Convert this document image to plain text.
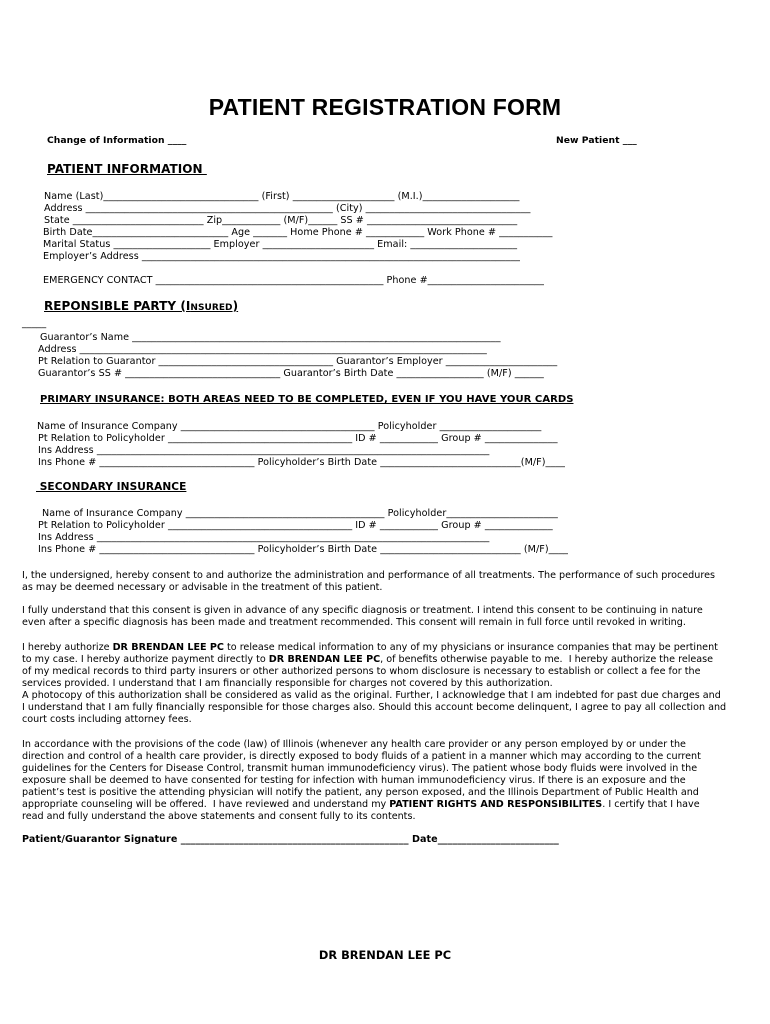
PATIENT REGISTRATION FORM
Change of Information ____	New Patient ___
PATIENT INFORMATION
Name (Last)________________________________ (First) _____________________ (M.I.)____________________
Address ___________________________________________________ (City) __________________________________
State ___________________________ Zip____________ (M/F)______ SS # _______________________________
Birth Date____________________________ Age _______ Home Phone # ____________ Work Phone # ___________
Marital Status ____________________ Employer _______________________ Email: ______________________
Employer’s Address ______________________________________________________________________________
EMERGENCY CONTACT _______________________________________________ Phone #________________________
REPONSIBLE PARTY (INSURED)
_____
Guarantor’s Name ____________________________________________________________________________
Address ____________________________________________________________________________________
Pt Relation to Guarantor ____________________________________ Guarantor’s Employer _______________________
Guarantor’s SS # ________________________________ Guarantor’s Birth Date __________________ (M/F) ______
PRIMARY INSURANCE: BOTH AREAS NEED TO BE COMPLETED, EVEN IF YOU HAVE YOUR CARDS
Name of Insurance Company ________________________________________ Policyholder _____________________
Pt Relation to Policyholder ______________________________________ ID # ____________ Group # _______________
Ins Address _________________________________________________________________________________
Ins Phone # ________________________________ Policyholder’s Birth Date _____________________________(M/F)____
SECONDARY INSURANCE
Name of Insurance Company _________________________________________ Policyholder_______________________
Pt Relation to Policyholder ______________________________________ ID # ____________ Group # ______________
Ins Address _________________________________________________________________________________
Ins Phone # ________________________________ Policyholder’s Birth Date _____________________________ (M/F)____
I, the undersigned, hereby consent to and authorize the administration and performance of all treatments. The performance of such procedures
as may be deemed necessary or advisable in the treatment of this patient.
I fully understand that this consent is given in advance of any specific diagnosis or treatment. I intend this consent to be continuing in nature
even after a specific diagnosis has been made and treatment recommended. This consent will remain in full force until revoked in writing.
I hereby authorize DR BRENDAN LEE PC to release medical information to any of my physicians or insurance companies that may be pertinent
to my case. I hereby authorize payment directly to DR BRENDAN LEE PC, of benefits otherwise payable to me.  I hereby authorize the release
of my medical records to third party insurers or other authorized persons to whom disclosure is necessary to establish or collect a fee for the
services provided. I understand that I am financially responsible for charges not covered by this authorization.
A photocopy of this authorization shall be considered as valid as the original. Further, I acknowledge that I am indebted for past due charges and
I understand that I am fully financially responsible for those charges also. Should this account become delinquent, I agree to pay all collection and
court costs including attorney fees.
In accordance with the provisions of the code (law) of Illinois (whenever any health care provider or any person employed by or under the
direction and control of a health care provider, is directly exposed to body fluids of a patient in a manner which may according to the current
guidelines for the Centers for Disease Control, transmit human immunodeficiency virus). The patient whose body fluids were involved in the
exposure shall be deemed to have consented for testing for infection with human immunodeficiency virus. If there is an exposure and the
patient’s test is positive the attending physician will notify the patient, any person exposed, and the Illinois Department of Public Health and
appropriate counseling will be offered.  I have reviewed and understand my PATIENT RIGHTS AND RESPONSIBILITES. I certify that I have
read and fully understand the above statements and consent fully to its contents.
Patient/Guarantor Signature _______________________________________________ Date_________________________
DR BRENDAN LEE PC
